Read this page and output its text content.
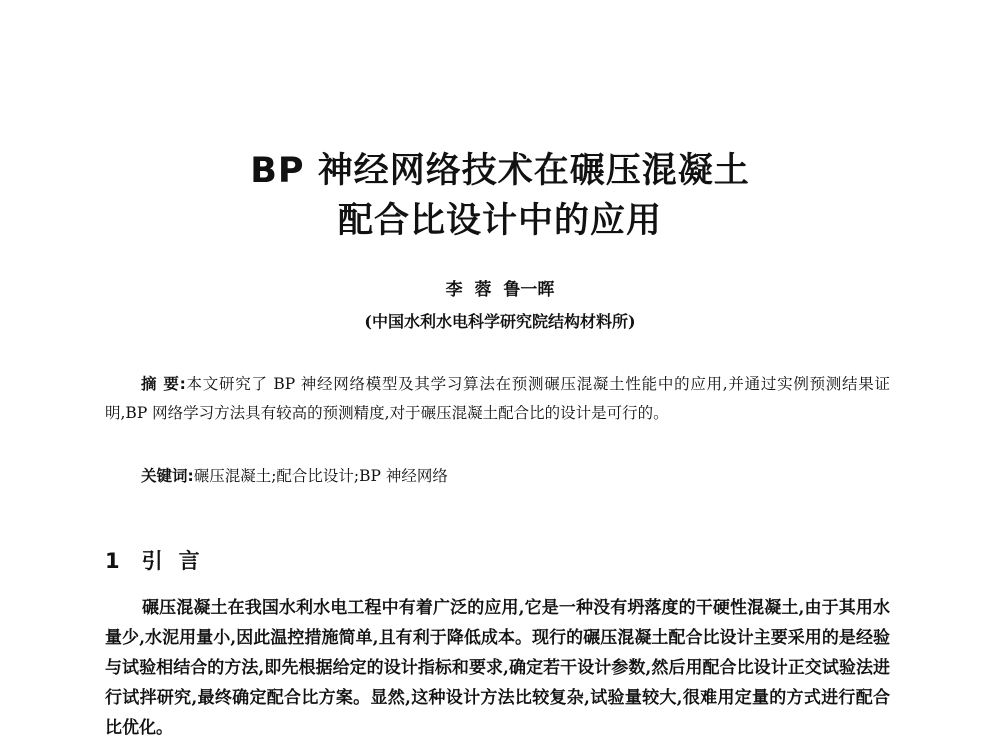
BP 神经网络技术在碾压混凝土
配合比设计中的应用
李 蓉 鲁一晖
(中国水利水电科学研究院结构材料所)
摘 要:本文研究了 BP 神经网络模型及其学习算法在预测碾压混凝土性能中的应用,并通过实例预测结果证明,BP 网络学习方法具有较高的预测精度,对于碾压混凝土配合比的设计是可行的。
关键词:碾压混凝土;配合比设计;BP 神经网络
1 引言
碾压混凝土在我国水利水电工程中有着广泛的应用,它是一种没有坍落度的干硬性混凝土,由于其用水量少,水泥用量小,因此温控措施简单,且有利于降低成本。现行的碾压混凝土配合比设计主要采用的是经验与试验相结合的方法,即先根据给定的设计指标和要求,确定若干设计参数,然后用配合比设计正交试验法进行试拌研究,最终确定配合比方案。显然,这种设计方法比较复杂,试验量较大,很难用定量的方式进行配合比优化。
